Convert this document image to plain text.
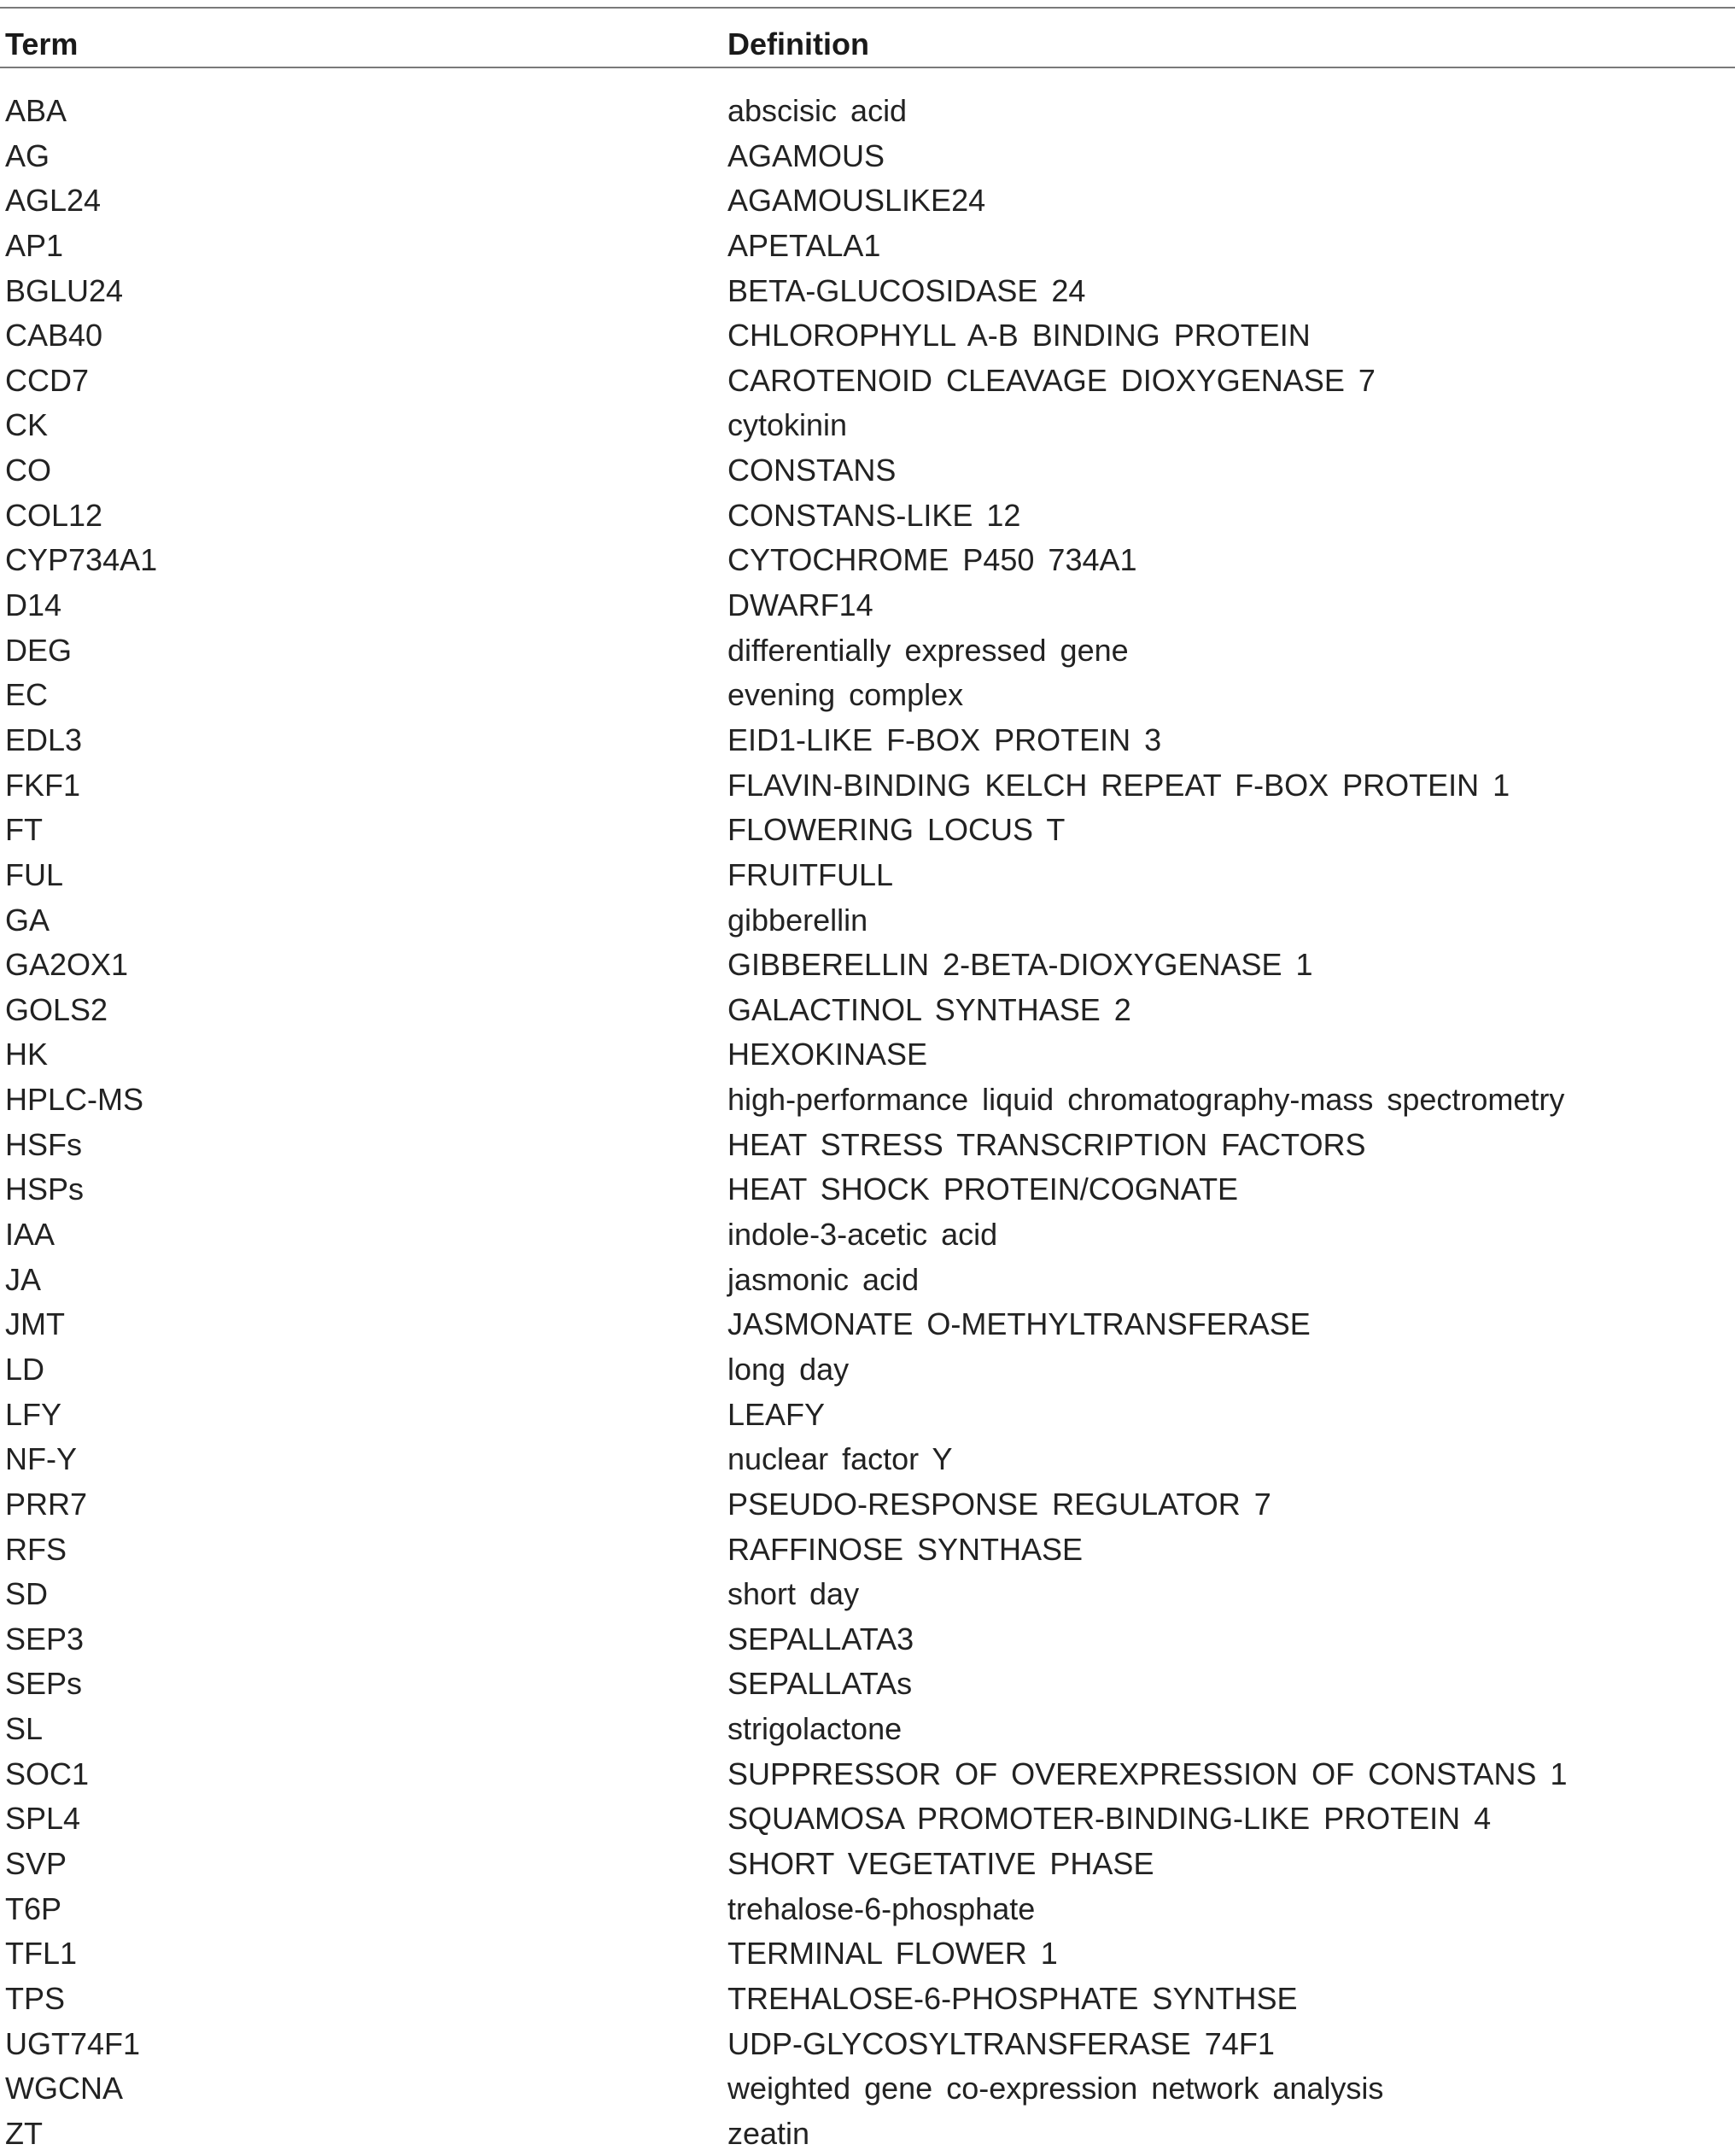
Term	Definition
ABA	abscisic acid
AG	AGAMOUS
AGL24	AGAMOUSLIKE24
AP1	APETALA1
BGLU24	BETA-GLUCOSIDASE 24
CAB40	CHLOROPHYLL A-B BINDING PROTEIN
CCD7	CAROTENOID CLEAVAGE DIOXYGENASE 7
CK	cytokinin
CO	CONSTANS
COL12	CONSTANS-LIKE 12
CYP734A1	CYTOCHROME P450 734A1
D14	DWARF14
DEG	differentially expressed gene
EC	evening complex
EDL3	EID1-LIKE F-BOX PROTEIN 3
FKF1	FLAVIN-BINDING KELCH REPEAT F-BOX PROTEIN 1
FT	FLOWERING LOCUS T
FUL	FRUITFULL
GA	gibberellin
GA2OX1	GIBBERELLIN 2-BETA-DIOXYGENASE 1
GOLS2	GALACTINOL SYNTHASE 2
HK	HEXOKINASE
HPLC-MS	high-performance liquid chromatography-mass spectrometry
HSFs	HEAT STRESS TRANSCRIPTION FACTORS
HSPs	HEAT SHOCK PROTEIN/COGNATE
IAA	indole-3-acetic acid
JA	jasmonic acid
JMT	JASMONATE O-METHYLTRANSFERASE
LD	long day
LFY	LEAFY
NF-Y	nuclear factor Y
PRR7	PSEUDO-RESPONSE REGULATOR 7
RFS	RAFFINOSE SYNTHASE
SD	short day
SEP3	SEPALLATA3
SEPs	SEPALLATAs
SL	strigolactone
SOC1	SUPPRESSOR OF OVEREXPRESSION OF CONSTANS 1
SPL4	SQUAMOSA PROMOTER-BINDING-LIKE PROTEIN 4
SVP	SHORT VEGETATIVE PHASE
T6P	trehalose-6-phosphate
TFL1	TERMINAL FLOWER 1
TPS	TREHALOSE-6-PHOSPHATE SYNTHSE
UGT74F1	UDP-GLYCOSYLTRANSFERASE 74F1
WGCNA	weighted gene co-expression network analysis
ZT	zeatin
